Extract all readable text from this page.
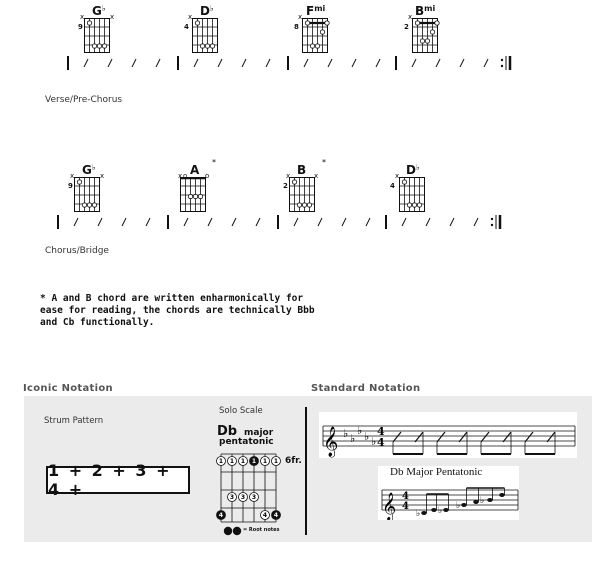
G♭
9
x	x	D♭
4
x	$F^{mi}$
8
x	$B^{mi}$
2
x
Verse/Pre-Chorus
G♭
9
x	x	A
*
x o	o	B
*
2
x	x	D♭
4
x
Chorus/Bridge
* A and B chord are written enharmonically for
ease for reading, the chords are technically Bbb
and Cb functionally.
Iconic Notation	Standard Notation
Strum Pattern
1 + 2 + 3 + 4 +
Solo Scale
Db major
pentatonic
1 1 1 1 1 1
3 3 3
4	4 4
6fr.
= Root notes
𝄞 ♭ ♭
♭ ♭ ♭
4
4
Db Major Pentatonic
𝄞 4
4
♭ ♭ ♭ ♭
